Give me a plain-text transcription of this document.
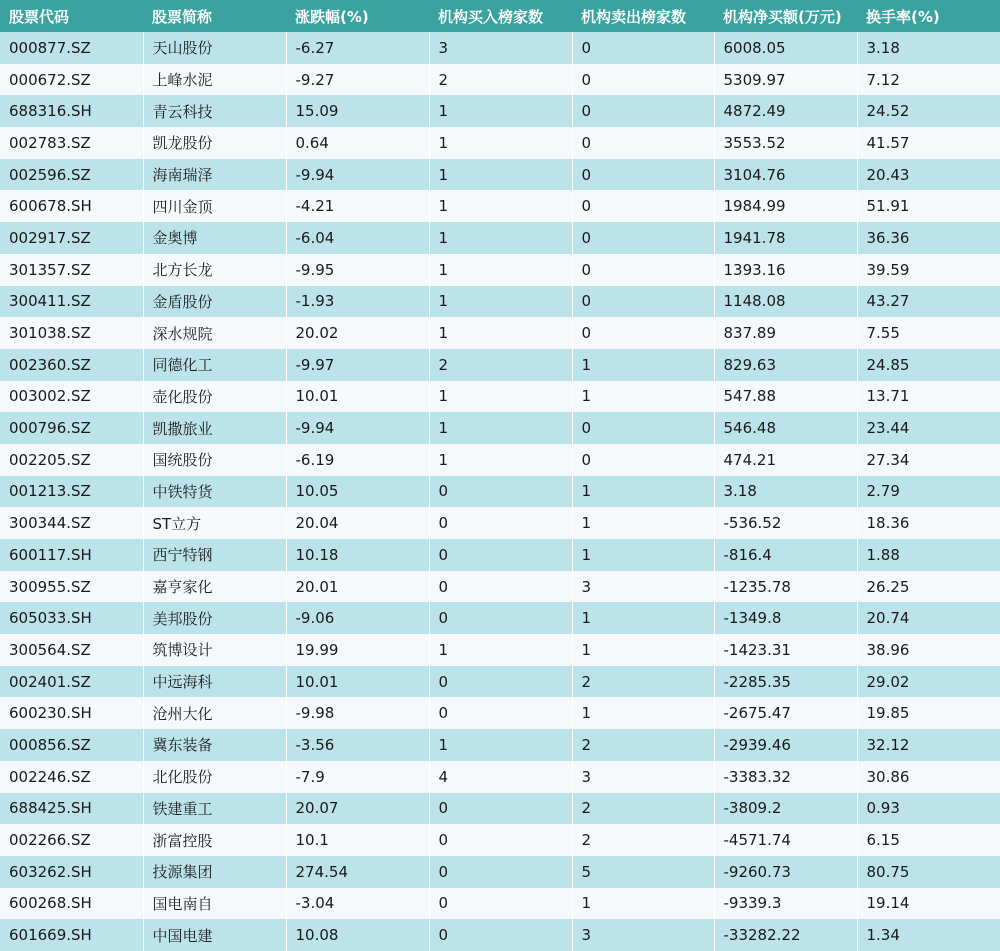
股票代码	股票简称	涨跌幅(%)	机构买入榜家数	机构卖出榜家数	机构净买额(万元)	换手率(%)
000877.SZ	天山股份	-6.27	3	0	6008.05	3.18
000672.SZ	上峰水泥	-9.27	2	0	5309.97	7.12
688316.SH	青云科技	15.09	1	0	4872.49	24.52
002783.SZ	凯龙股份	0.64	1	0	3553.52	41.57
002596.SZ	海南瑞泽	-9.94	1	0	3104.76	20.43
600678.SH	四川金顶	-4.21	1	0	1984.99	51.91
002917.SZ	金奥博	-6.04	1	0	1941.78	36.36
301357.SZ	北方长龙	-9.95	1	0	1393.16	39.59
300411.SZ	金盾股份	-1.93	1	0	1148.08	43.27
301038.SZ	深水规院	20.02	1	0	837.89	7.55
002360.SZ	同德化工	-9.97	2	1	829.63	24.85
003002.SZ	壶化股份	10.01	1	1	547.88	13.71
000796.SZ	凯撒旅业	-9.94	1	0	546.48	23.44
002205.SZ	国统股份	-6.19	1	0	474.21	27.34
001213.SZ	中铁特货	10.05	0	1	3.18	2.79
300344.SZ	ST立方	20.04	0	1	-536.52	18.36
600117.SH	西宁特钢	10.18	0	1	-816.4	1.88
300955.SZ	嘉亨家化	20.01	0	3	-1235.78	26.25
605033.SH	美邦股份	-9.06	0	1	-1349.8	20.74
300564.SZ	筑博设计	19.99	1	1	-1423.31	38.96
002401.SZ	中远海科	10.01	0	2	-2285.35	29.02
600230.SH	沧州大化	-9.98	0	1	-2675.47	19.85
000856.SZ	冀东装备	-3.56	1	2	-2939.46	32.12
002246.SZ	北化股份	-7.9	4	3	-3383.32	30.86
688425.SH	铁建重工	20.07	0	2	-3809.2	0.93
002266.SZ	浙富控股	10.1	0	2	-4571.74	6.15
603262.SH	技源集团	274.54	0	5	-9260.73	80.75
600268.SH	国电南自	-3.04	0	1	-9339.3	19.14
601669.SH	中国电建	10.08	0	3	-33282.22	1.34
